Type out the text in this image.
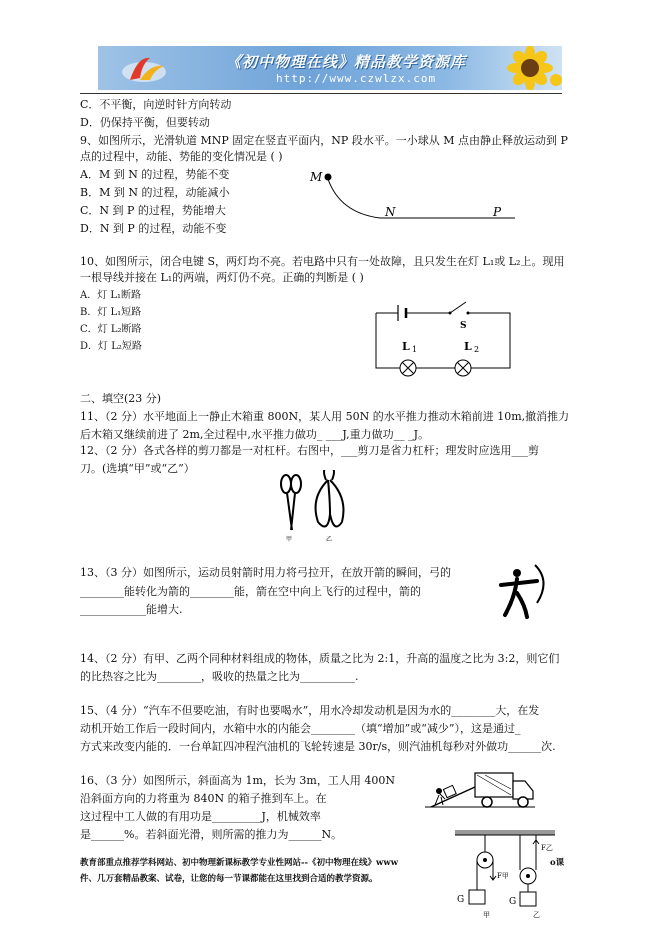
《初中物理在线》精品教学资源库
http://www.czwlzx.com
C．不平衡，向逆时针方向转动
D．仍保持平衡，但要转动
9、如图所示，光滑轨道 MNP 固定在竖直平面内，NP 段水平。一小球从 M 点由静止释放运动到 P
点的过程中，动能、势能的变化情况是 ( )
A．M 到 N 的过程，势能不变
B．M 到 N 的过程，动能减小
C．N 到 P 的过程，势能增大
D．N 到 P 的过程，动能不变
M
N	P
10、如图所示，闭合电键 S，两灯均不亮。若电路中只有一处故障，且只发生在灯 L₁或 L₂上。现用
一根导线并接在 L₁的两端，两灯仍不亮。正确的判断是 ( )
A．灯 L₁断路
B．灯 L₁短路
C．灯 L₂断路
D．灯 L₂短路
S
L 1	L 2
二、填空(23 分)
11、（2 分）水平地面上一静止木箱重 800N，某人用 50N 的水平推力推动木箱前进 10m,撤消推力
后木箱又继续前进了 2m,全过程中,水平推力做功_ ___J,重力做功__ _J。
12、（2 分）各式各样的剪刀都是一对杠杆。右图中，___剪刀是省力杠杆；理发时应选用___剪
刀。(选填“甲”或“乙”）
甲	乙
13、（3 分）如图所示，运动员射箭时用力将弓拉开，在放开箭的瞬间，弓的
________能转化为箭的________能，箭在空中向上飞行的过程中，箭的
____________能增大.
14、（2 分）有甲、乙两个同种材料组成的物体，质量之比为 2:1，升高的温度之比为 3:2，则它们
的比热容之比为________，吸收的热量之比为__________.
15、（4 分）“汽车不但要吃油，有时也要喝水”，用水冷却发动机是因为水的________大，在发
动机开始工作后一段时间内，水箱中水的内能会________（填“增加”或“减少”），这是通过_
方式来改变内能的．一台单缸四冲程汽油机的飞轮转速是 30r/s，则汽油机每秒对外做功______次.
16、（3 分）如图所示，斜面高为 1m，长为 3m，工人用 400N
沿斜面方向的力将重为 840N 的箱子推到车上。在
这过程中工人做的有用功是_________J，机械效率
是______%。若斜面光滑，则所需的推力为______N。
G	G
F甲
F乙
甲	乙
教育部重点推荐学科网站、初中物理新课标教学专业性网站--《初中物理在线》www	o课
件、几万套精品教案、试卷，让您的每一节课都能在这里找到合适的教学资源。
